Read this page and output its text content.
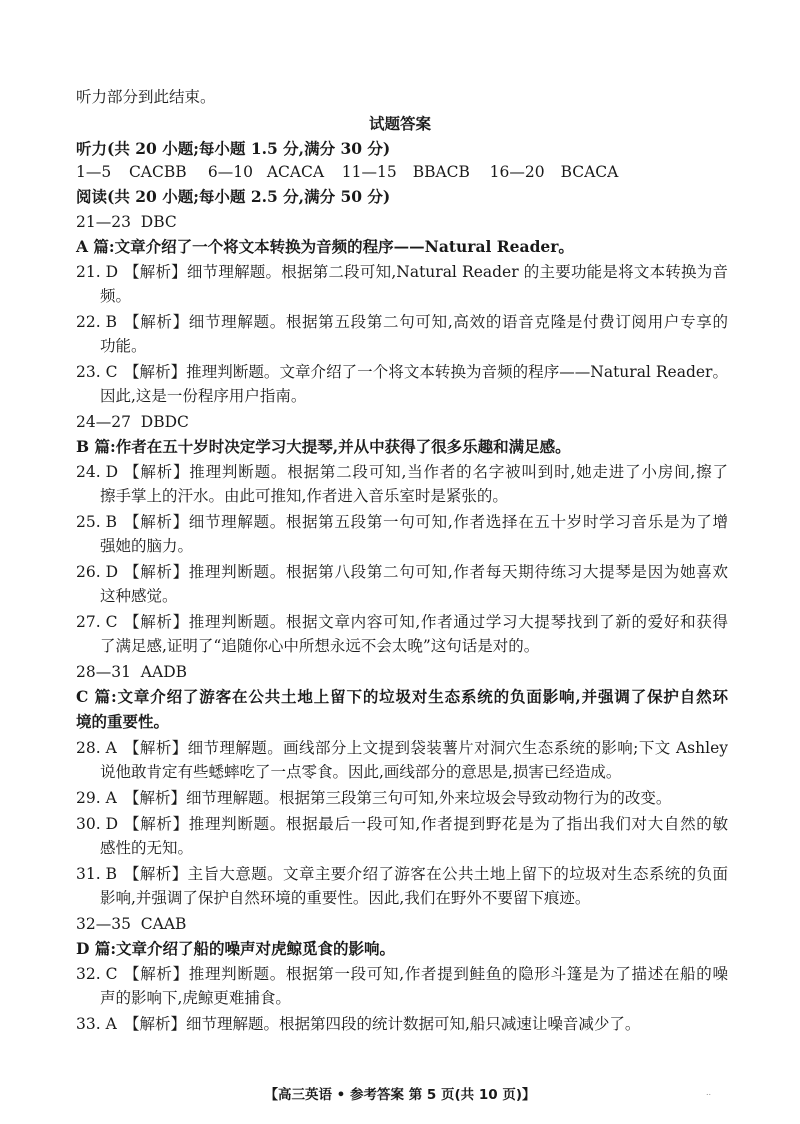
听力部分到此结束。
试题答案
听力(共 20 小题;每小题 1.5 分,满分 30 分)
1—5 CACBB 6—10 ACACA 11—15 BBACB 16—20 BCACA
阅读(共 20 小题;每小题 2.5 分,满分 50 分)
21—23  DBC
A 篇:文章介绍了一个将文本转换为音频的程序——Natural Reader。
21. D 【解析】细节理解题。根据第二段可知,Natural Reader 的主要功能是将文本转换为音
频。
22. B 【解析】细节理解题。根据第五段第二句可知,高效的语音克隆是付费订阅用户专享的
功能。
23. C 【解析】推理判断题。文章介绍了一个将文本转换为音频的程序——Natural Reader。
因此,这是一份程序用户指南。
24—27  DBDC
B 篇:作者在五十岁时决定学习大提琴,并从中获得了很多乐趣和满足感。
24. D 【解析】推理判断题。根据第二段可知,当作者的名字被叫到时,她走进了小房间,擦了
擦手掌上的汗水。由此可推知,作者进入音乐室时是紧张的。
25. B 【解析】细节理解题。根据第五段第一句可知,作者选择在五十岁时学习音乐是为了增
强她的脑力。
26. D 【解析】推理判断题。根据第八段第二句可知,作者每天期待练习大提琴是因为她喜欢
这种感觉。
27. C 【解析】推理判断题。根据文章内容可知,作者通过学习大提琴找到了新的爱好和获得
了满足感,证明了“追随你心中所想永远不会太晚”这句话是对的。
28—31  AADB
C 篇:文章介绍了游客在公共土地上留下的垃圾对生态系统的负面影响,并强调了保护自然环
境的重要性。
28. A 【解析】细节理解题。画线部分上文提到袋装薯片对洞穴生态系统的影响;下文 Ashley
说他敢肯定有些蟋蟀吃了一点零食。因此,画线部分的意思是,损害已经造成。
29. A 【解析】细节理解题。根据第三段第三句可知,外来垃圾会导致动物行为的改变。
30. D 【解析】推理判断题。根据最后一段可知,作者提到野花是为了指出我们对大自然的敏
感性的无知。
31. B 【解析】主旨大意题。文章主要介绍了游客在公共土地上留下的垃圾对生态系统的负面
影响,并强调了保护自然环境的重要性。因此,我们在野外不要留下痕迹。
32—35  CAAB
D 篇:文章介绍了船的噪声对虎鲸觅食的影响。
32. C 【解析】推理判断题。根据第一段可知,作者提到鲑鱼的隐形斗篷是为了描述在船的噪
声的影响下,虎鲸更难捕食。
33. A 【解析】细节理解题。根据第四段的统计数据可知,船只减速让噪音减少了。
【高三英语 • 参考答案 第 5 页(共 10 页)】	..
